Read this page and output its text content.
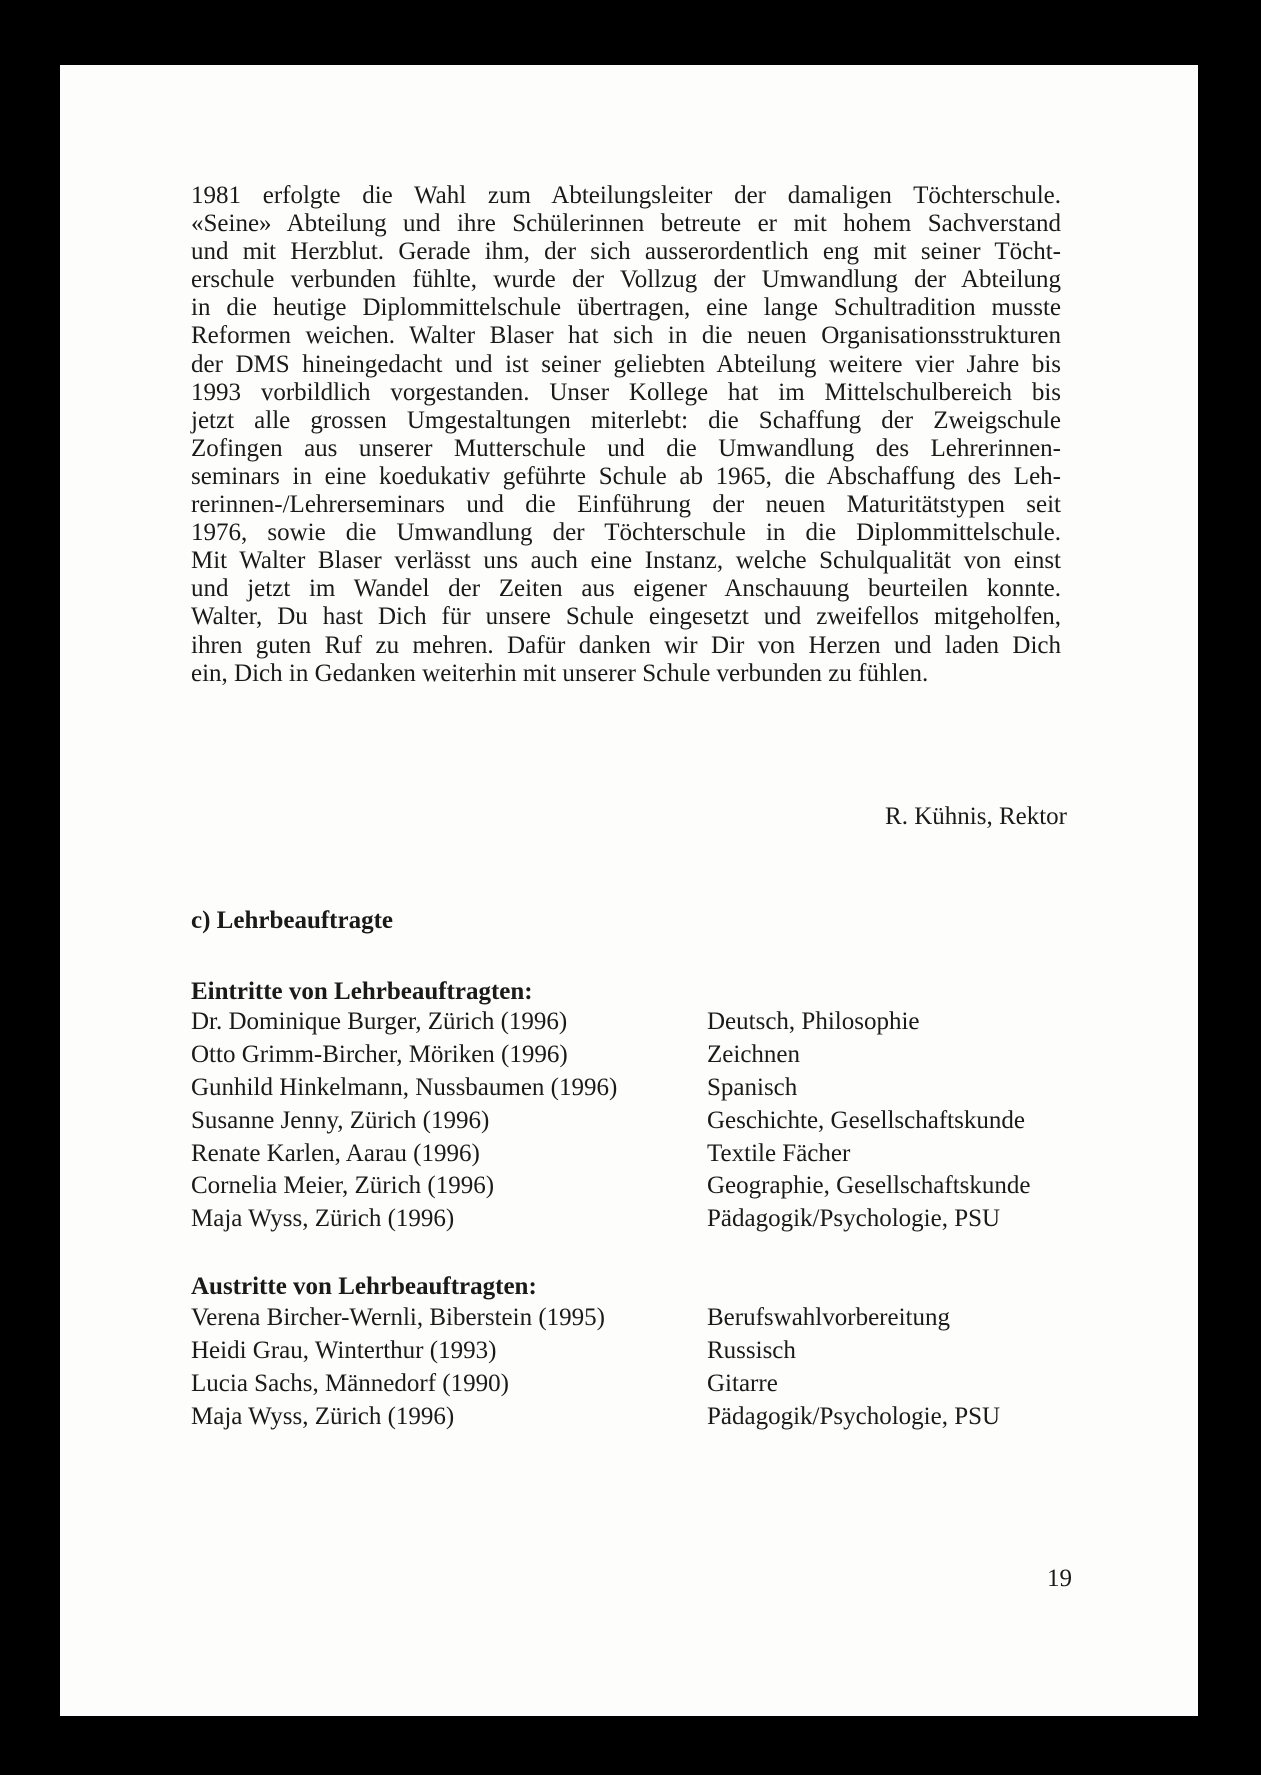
1981 erfolgte die Wahl zum Abteilungsleiter der damaligen Töchterschule.
«Seine» Abteilung und ihre Schülerinnen betreute er mit hohem Sachverstand
und mit Herzblut. Gerade ihm, der sich ausserordentlich eng mit seiner Töcht-
erschule verbunden fühlte, wurde der Vollzug der Umwandlung der Abteilung
in die heutige Diplommittelschule übertragen, eine lange Schultradition musste
Reformen weichen. Walter Blaser hat sich in die neuen Organisationsstrukturen
der DMS hineingedacht und ist seiner geliebten Abteilung weitere vier Jahre bis
1993 vorbildlich vorgestanden. Unser Kollege hat im Mittelschulbereich bis
jetzt alle grossen Umgestaltungen miterlebt: die Schaffung der Zweigschule
Zofingen aus unserer Mutterschule und die Umwandlung des Lehrerinnen-
seminars in eine koedukativ geführte Schule ab 1965, die Abschaffung des Leh-
rerinnen-/Lehrerseminars und die Einführung der neuen Maturitätstypen seit
1976, sowie die Umwandlung der Töchterschule in die Diplommittelschule.
Mit Walter Blaser verlässt uns auch eine Instanz, welche Schulqualität von einst
und jetzt im Wandel der Zeiten aus eigener Anschauung beurteilen konnte.
Walter, Du hast Dich für unsere Schule eingesetzt und zweifellos mitgeholfen,
ihren guten Ruf zu mehren. Dafür danken wir Dir von Herzen und laden Dich
ein, Dich in Gedanken weiterhin mit unserer Schule verbunden zu fühlen.
R. Kühnis, Rektor
c) Lehrbeauftragte
Eintritte von Lehrbeauftragten:
Dr. Dominique Burger, Zürich (1996)	Deutsch, Philosophie
Otto Grimm-Bircher, Möriken (1996)	Zeichnen
Gunhild Hinkelmann, Nussbaumen (1996)	Spanisch
Susanne Jenny, Zürich (1996)	Geschichte, Gesellschaftskunde
Renate Karlen, Aarau (1996)	Textile Fächer
Cornelia Meier, Zürich (1996)	Geographie, Gesellschaftskunde
Maja Wyss, Zürich (1996)	Pädagogik/Psychologie, PSU
Austritte von Lehrbeauftragten:
Verena Bircher-Wernli, Biberstein (1995)	Berufswahlvorbereitung
Heidi Grau, Winterthur (1993)	Russisch
Lucia Sachs, Männedorf (1990)	Gitarre
Maja Wyss, Zürich (1996)	Pädagogik/Psychologie, PSU
19
